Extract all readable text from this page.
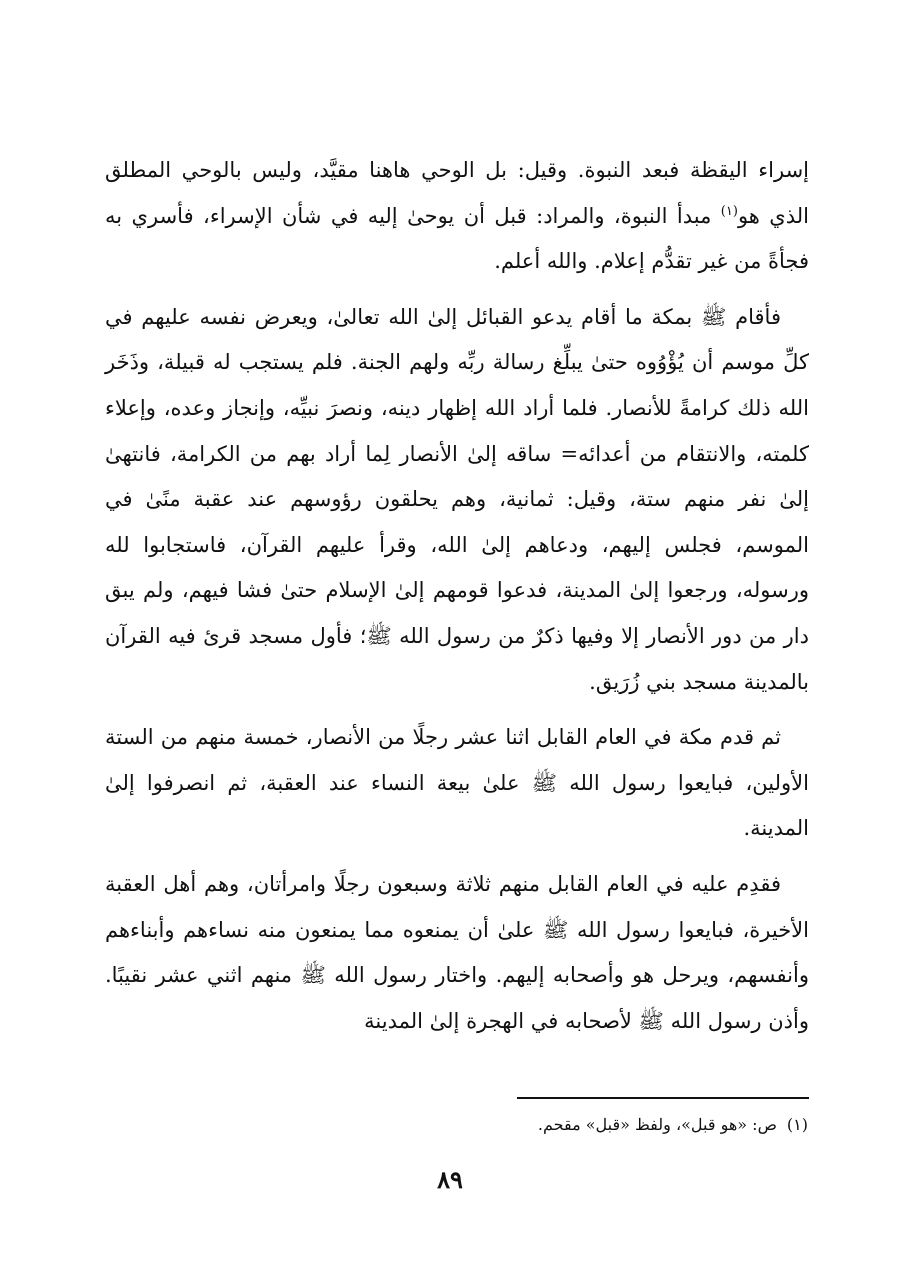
إسراء اليقظة فبعد النبوة. وقيل: بل الوحي هاهنا مقيَّد، وليس بالوحي المطلق الذي هو$^{(١)}$ مبدأ النبوة، والمراد: قبل أن يوحىٰ إليه في شأن الإسراء، فأسري به فجأةً من غير تقدُّم إعلام. والله أعلم.

فأقام ﷺ بمكة ما أقام يدعو القبائل إلىٰ الله تعالىٰ، ويعرض نفسه عليهم في كلِّ موسم أن يُؤْوُوه حتىٰ يبلِّغ رسالة ربِّه ولهم الجنة. فلم يستجب له قبيلة، وذَخَر الله ذلك كرامةً للأنصار. فلما أراد الله إظهار دينه، ونصرَ نبيِّه، وإنجاز وعده، وإعلاء كلمته، والانتقام من أعدائه= ساقه إلىٰ الأنصار لِما أراد بهم من الكرامة، فانتهىٰ إلىٰ نفر منهم ستة، وقيل: ثمانية، وهم يحلقون رؤوسهم عند عقبة منًىٰ في الموسم، فجلس إليهم، ودعاهم إلىٰ الله، وقرأ عليهم القرآن، فاستجابوا لله ورسوله، ورجعوا إلىٰ المدينة، فدعوا قومهم إلىٰ الإسلام حتىٰ فشا فيهم، ولم يبق دار من دور الأنصار إلا وفيها ذكرٌ من رسول الله ﷺ؛ فأول مسجد قرئ فيه القرآن بالمدينة مسجد بني زُرَيق.

ثم قدم مكة في العام القابل اثنا عشر رجلًا من الأنصار، خمسة منهم من الستة الأولين، فبايعوا رسول الله ﷺ علىٰ بيعة النساء عند العقبة، ثم انصرفوا إلىٰ المدينة.

فقدِم عليه في العام القابل منهم ثلاثة وسبعون رجلًا وامرأتان، وهم أهل العقبة الأخيرة، فبايعوا رسول الله ﷺ علىٰ أن يمنعوه مما يمنعون منه نساءهم وأبناءهم وأنفسهم، ويرحل هو وأصحابه إليهم. واختار رسول الله ﷺ منهم اثني عشر نقيبًا. وأذن رسول الله ﷺ لأصحابه في الهجرة إلىٰ المدينة

(١)ص: «هو قبل»، ولفظ «قبل» مقحم.
٨٩
